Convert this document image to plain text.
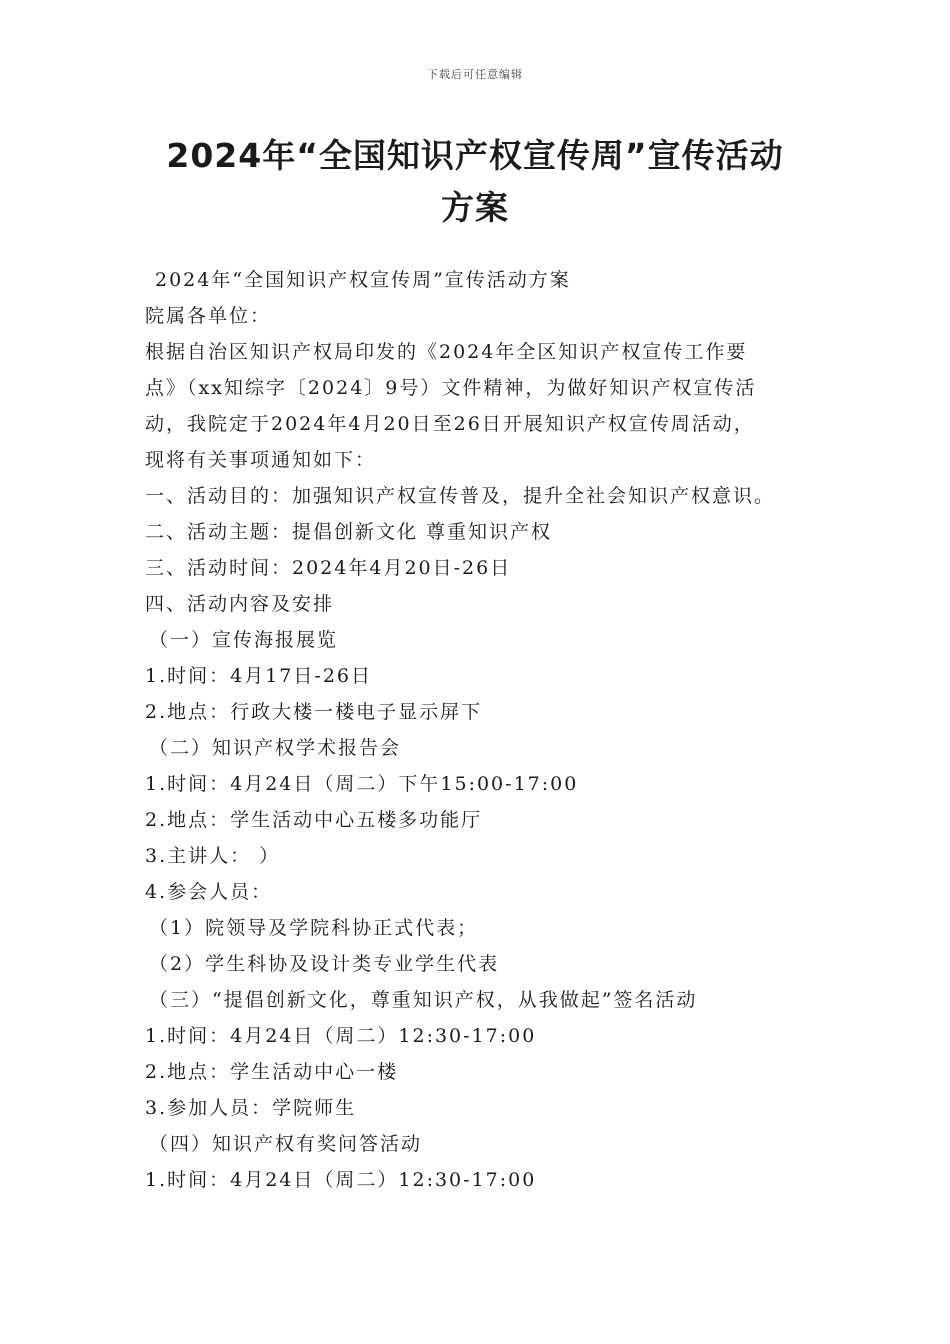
下载后可任意编辑
2024年“全国知识产权宣传周”宣传活动
方案
2024年“全国知识产权宣传周”宣传活动方案
院属各单位：
根据自治区知识产权局印发的《2024年全区知识产权宣传工作要
点》（xx知综字〔2024〕9号）文件精神，为做好知识产权宣传活
动，我院定于2024年4月20日至26日开展知识产权宣传周活动，
现将有关事项通知如下：
一、活动目的：加强知识产权宣传普及，提升全社会知识产权意识。
二、活动主题：提倡创新文化 尊重知识产权
三、活动时间：2024年4月20日-26日
四、活动内容及安排
（一）宣传海报展览
1.时间：4月17日-26日
2.地点：行政大楼一楼电子显示屏下
（二）知识产权学术报告会
1.时间：4月24日（周二）下午15:00-17:00
2.地点：学生活动中心五楼多功能厅
3.主讲人： ）
4.参会人员：
（1）院领导及学院科协正式代表；
（2）学生科协及设计类专业学生代表
（三）“提倡创新文化，尊重知识产权，从我做起”签名活动
1.时间：4月24日（周二）12:30-17:00
2.地点：学生活动中心一楼
3.参加人员：学院师生
（四）知识产权有奖问答活动
1.时间：4月24日（周二）12:30-17:00
